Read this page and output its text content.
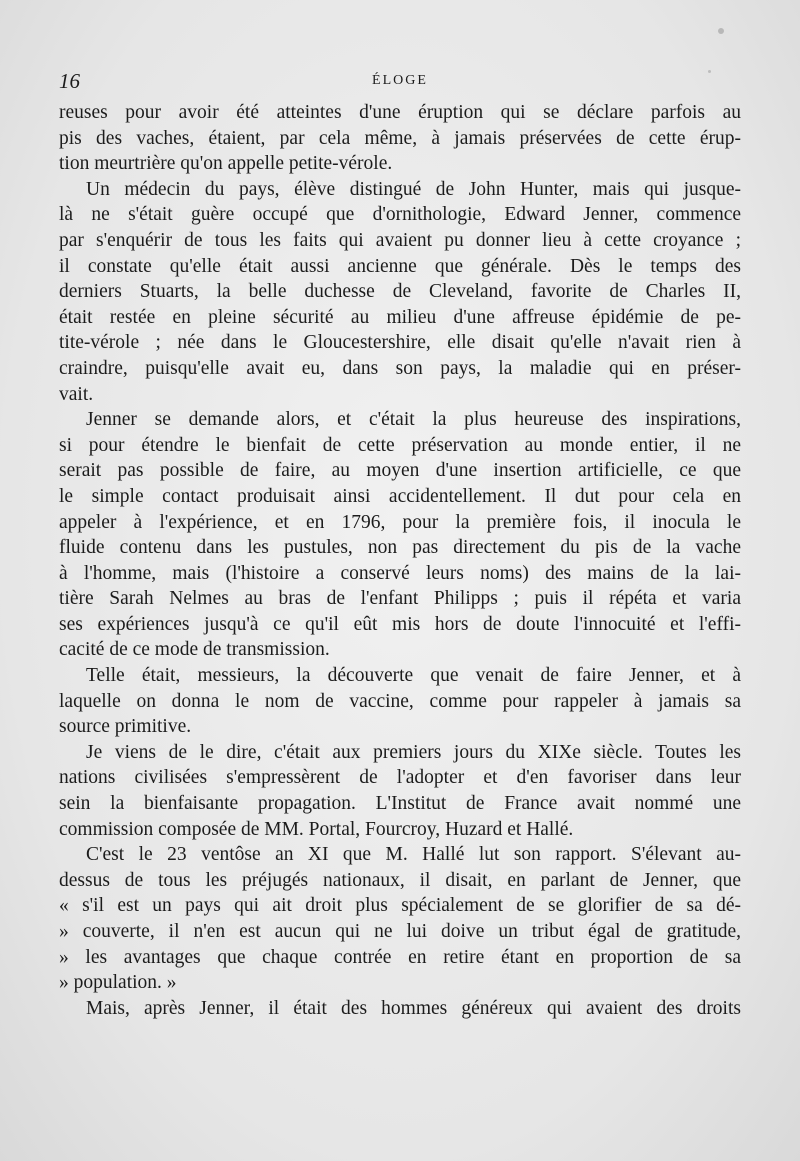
16	ÉLOGE
reuses pour avoir été atteintes d'une éruption qui se déclare parfois au
pis des vaches, étaient, par cela même, à jamais préservées de cette érup-
tion meurtrière qu'on appelle petite-vérole.
Un médecin du pays, élève distingué de John Hunter, mais qui jusque-
là ne s'était guère occupé que d'ornithologie, Edward Jenner, commence
par s'enquérir de tous les faits qui avaient pu donner lieu à cette croyance ;
il constate qu'elle était aussi ancienne que générale. Dès le temps des
derniers Stuarts, la belle duchesse de Cleveland, favorite de Charles II,
était restée en pleine sécurité au milieu d'une affreuse épidémie de pe-
tite-vérole ; née dans le Gloucestershire, elle disait qu'elle n'avait rien à
craindre, puisqu'elle avait eu, dans son pays, la maladie qui en préser-
vait.
Jenner se demande alors, et c'était la plus heureuse des inspirations,
si pour étendre le bienfait de cette préservation au monde entier, il ne
serait pas possible de faire, au moyen d'une insertion artificielle, ce que
le simple contact produisait ainsi accidentellement. Il dut pour cela en
appeler à l'expérience, et en 1796, pour la première fois, il inocula le
fluide contenu dans les pustules, non pas directement du pis de la vache
à l'homme, mais (l'histoire a conservé leurs noms) des mains de la lai-
tière Sarah Nelmes au bras de l'enfant Philipps ; puis il répéta et varia
ses expériences jusqu'à ce qu'il eût mis hors de doute l'innocuité et l'effi-
cacité de ce mode de transmission.
Telle était, messieurs, la découverte que venait de faire Jenner, et à
laquelle on donna le nom de vaccine, comme pour rappeler à jamais sa
source primitive.
Je viens de le dire, c'était aux premiers jours du XIXe siècle. Toutes les
nations civilisées s'empressèrent de l'adopter et d'en favoriser dans leur
sein la bienfaisante propagation. L'Institut de France avait nommé une
commission composée de MM. Portal, Fourcroy, Huzard et Hallé.
C'est le 23 ventôse an XI que M. Hallé lut son rapport. S'élevant au-
dessus de tous les préjugés nationaux, il disait, en parlant de Jenner, que
« s'il est un pays qui ait droit plus spécialement de se glorifier de sa dé-
» couverte, il n'en est aucun qui ne lui doive un tribut égal de gratitude,
» les avantages que chaque contrée en retire étant en proportion de sa
» population. »
Mais, après Jenner, il était des hommes généreux qui avaient des droits
